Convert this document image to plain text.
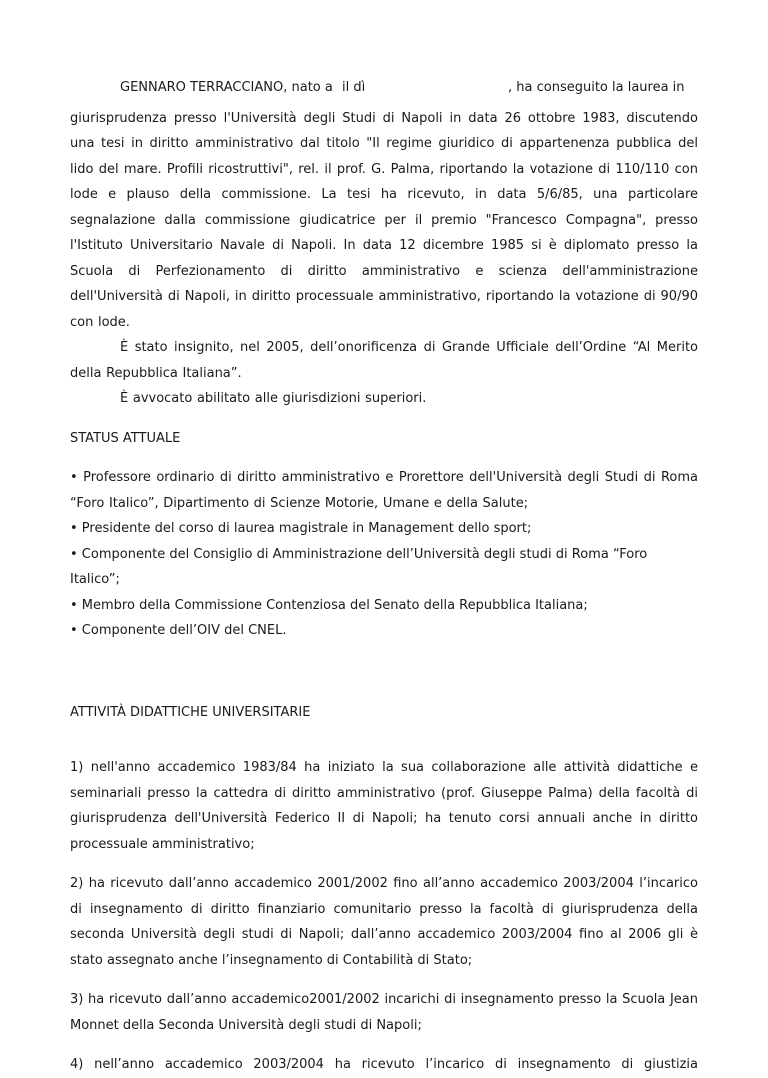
GENNARO TERRACCIANO, nato a il dì	, ha conseguito la laurea in

giurisprudenza presso l'Università degli Studi di Napoli in data 26 ottobre 1983, discutendo una tesi in diritto amministrativo dal titolo "Il regime giuridico di appartenenza pubblica del lido del mare. Profili ricostruttivi", rel. il prof. G. Palma, riportando la votazione di 110/110 con lode e plauso della commissione. La tesi ha ricevuto, in data 5/6/85, una particolare segnalazione dalla commissione giudicatrice per il premio "Francesco Compagna", presso l'Istituto Universitario Navale di Napoli. In data 12 dicembre 1985 si è diplomato presso la Scuola di Perfezionamento di diritto amministrativo e scienza dell'amministrazione dell'Università di Napoli, in diritto processuale amministrativo, riportando la votazione di 90/90 con lode.

È stato insignito, nel 2005, dell’onorificenza di Grande Ufficiale dell’Ordine “Al Merito della Repubblica Italiana”.

È avvocato abilitato alle giurisdizioni superiori.

STATUS ATTUALE

• Professore ordinario di diritto amministrativo e Prorettore dell'Università degli Studi di Roma “Foro Italico”, Dipartimento di Scienze Motorie, Umane e della Salute;

• Presidente del corso di laurea magistrale in Management dello sport;

• Componente del Consiglio di Amministrazione dell’Università degli studi di Roma “Foro Italico”;

• Membro della Commissione Contenziosa del Senato della Repubblica Italiana;

• Componente dell’OIV del CNEL.

ATTIVITÀ DIDATTICHE UNIVERSITARIE

1) nell'anno accademico 1983/84 ha iniziato la sua collaborazione alle attività didattiche e seminariali presso la cattedra di diritto amministrativo (prof. Giuseppe Palma) della facoltà di giurisprudenza dell'Università Federico II di Napoli; ha tenuto corsi annuali anche in diritto processuale amministrativo;

2) ha ricevuto dall’anno accademico 2001/2002 fino all’anno accademico 2003/2004 l’incarico di insegnamento di diritto finanziario comunitario presso la facoltà di giurisprudenza della seconda Università degli studi di Napoli; dall’anno accademico 2003/2004 fino al 2006 gli è stato assegnato anche l’insegnamento di Contabilità di Stato;

3) ha ricevuto dall’anno accademico2001/2002 incarichi di insegnamento presso la Scuola Jean Monnet della Seconda Università degli studi di Napoli;

4) nell’anno accademico 2003/2004 ha ricevuto l’incarico di insegnamento di giustizia
